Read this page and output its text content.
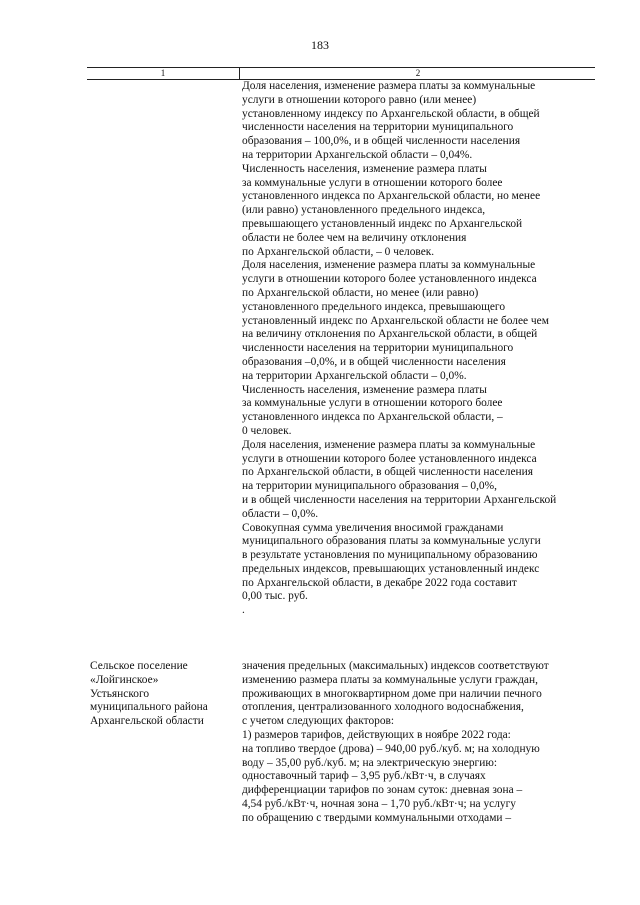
183
1	2
Доля населения, изменение размера платы за коммунальные
услуги в отношении которого равно (или менее)
установленному индексу по Архангельской области, в общей
численности населения на территории муниципального
образования – 100,0%, и в общей численности населения
на территории Архангельской области – 0,04%.
Численность населения, изменение размера платы
за коммунальные услуги в отношении которого более
установленного индекса по Архангельской области, но менее
(или равно) установленного предельного индекса,
превышающего установленный индекс по Архангельской
области не более чем на величину отклонения
по Архангельской области, – 0 человек.
Доля населения, изменение размера платы за коммунальные
услуги в отношении которого более установленного индекса
по Архангельской области, но менее (или равно)
установленного предельного индекса, превышающего
установленный индекс по Архангельской области не более чем
на величину отклонения по Архангельской области, в общей
численности населения на территории муниципального
образования –0,0%, и в общей численности населения
на территории Архангельской области – 0,0%.
Численность населения, изменение размера платы
за коммунальные услуги в отношении которого более
установленного индекса по Архангельской области, –
0 человек.
Доля населения, изменение размера платы за коммунальные
услуги в отношении которого более установленного индекса
по Архангельской области, в общей численности населения
на территории муниципального образования – 0,0%,
и в общей численности населения на территории Архангельской
области – 0,0%.
Совокупная сумма увеличения вносимой гражданами
муниципального образования платы за коммунальные услуги
в результате установления по муниципальному образованию
предельных индексов, превышающих установленный индекс
по Архангельской области, в декабре 2022 года составит
0,00 тыс. руб.
.
Сельское поселение
«Лойгинское»
Устьянского
муниципального района
Архангельской области
значения предельных (максимальных) индексов соответствуют
изменению размера платы за коммунальные услуги граждан,
проживающих в многоквартирном доме при наличии печного
отопления, централизованного холодного водоснабжения,
с учетом следующих факторов:
1) размеров тарифов, действующих в ноябре 2022 года:
на топливо твердое (дрова) – 940,00 руб./куб. м; на холодную
воду – 35,00 руб./куб. м; на электрическую энергию:
одноставочный тариф – 3,95 руб./кВт·ч, в случаях
дифференциации тарифов по зонам суток: дневная зона –
4,54 руб./кВт·ч, ночная зона – 1,70 руб./кВт·ч; на услугу
по обращению с твердыми коммунальными отходами –
